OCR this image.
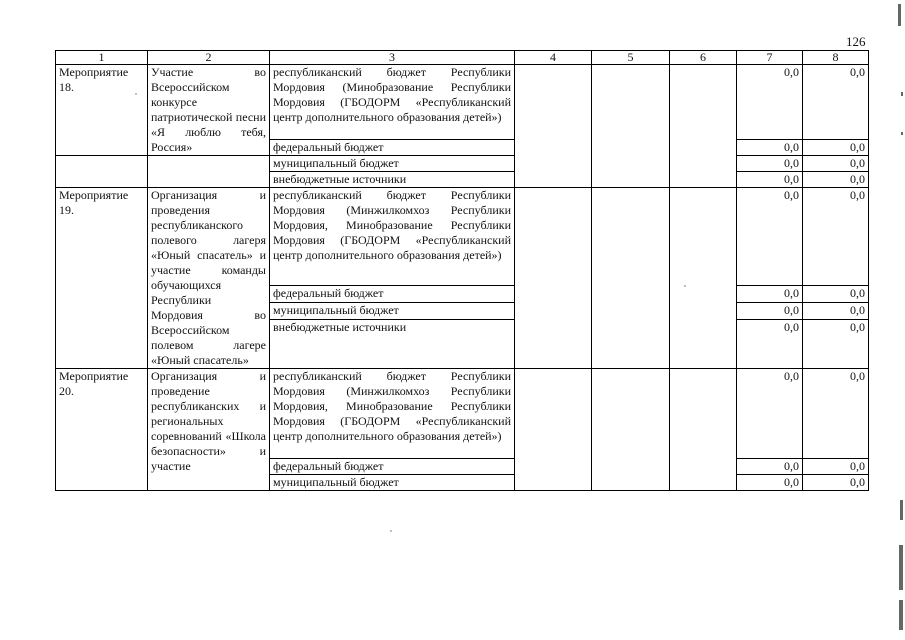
126
1	2	3	4	5	6	7	8
Мероприятие 18.	Участие во Всероссийском конкурсе патриотической песни «Я люблю тебя, Россия»	республиканский бюджет Республики Мордовия (Минобразование Республики Мордовия (ГБОДОРМ «Республиканский центр дополнительного образования детей»)				0,0	0,0
		федеральный бюджет				0,0	0,0
		муниципальный бюджет				0,0	0,0
		внебюджетные источники				0,0	0,0
Мероприятие 19.	Организация и проведения республиканского полевого лагеря «Юный спасатель» и участие команды обучающихся Республики Мордовия во Всероссийском полевом лагере «Юный спасатель»	республиканский бюджет Республики Мордовия (Минжилкомхоз Республики Мордовия, Минобразование Республики Мордовия (ГБОДОРМ «Республиканский центр дополнительного образования детей»)				0,0	0,0
		федеральный бюджет				0,0	0,0
		муниципальный бюджет				0,0	0,0
		внебюджетные источники				0,0	0,0
Мероприятие 20.	Организация и проведение республиканских и региональных соревнований «Школа безопасности» и участие	республиканский бюджет Республики Мордовия (Минжилкомхоз Республики Мордовия, Минобразование Республики Мордовия (ГБОДОРМ «Республиканский центр дополнительного образования детей»)				0,0	0,0
		федеральный бюджет				0,0	0,0
		муниципальный бюджет				0,0	0,0
